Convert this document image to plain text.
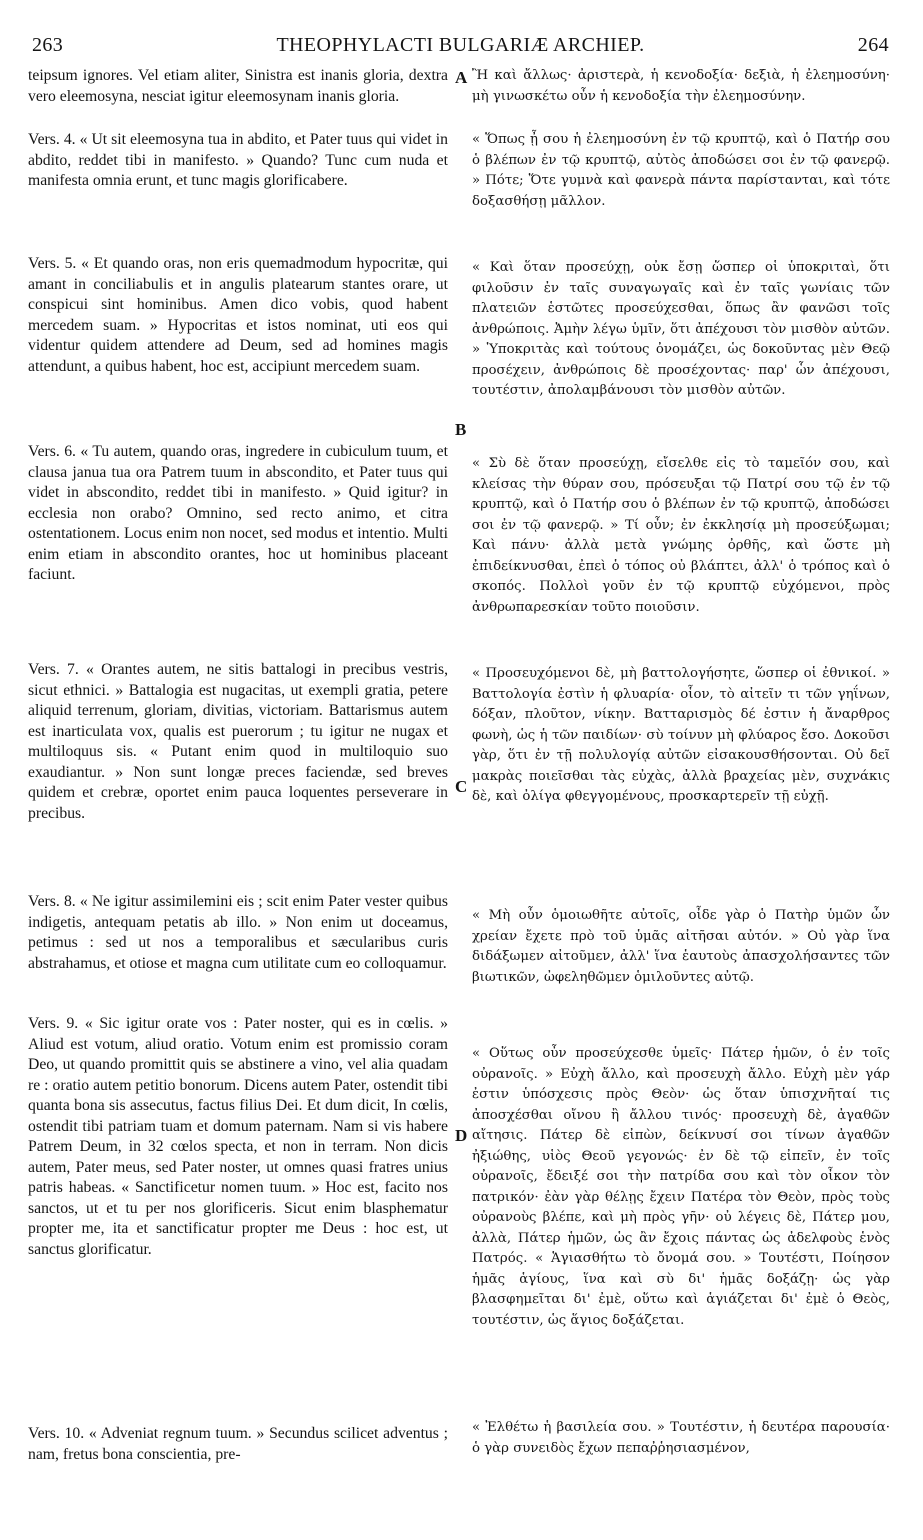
263	THEOPHYLACTI BULGARIÆ ARCHIEP.	264
teipsum ignores. Vel etiam aliter, Sinistra est inanis gloria, dextra vero eleemosyna, nesciat igitur eleemosynam inanis gloria.
Vers. 4. « Ut sit eleemosyna tua in abdito, et Pater tuus qui videt in abdito, reddet tibi in manifesto. » Quando? Tunc cum nuda et manifesta omnia erunt, et tunc magis glorificabere.
Vers. 5. « Et quando oras, non eris quemadmodum hypocritæ, qui amant in conciliabulis et in angulis platearum stantes orare, ut conspicui sint hominibus. Amen dico vobis, quod habent mercedem suam. » Hypocritas et istos nominat, uti eos qui videntur quidem attendere ad Deum, sed ad homines magis attendunt, a quibus habent, hoc est, accipiunt mercedem suam.
Vers. 6. « Tu autem, quando oras, ingredere in cubiculum tuum, et clausa janua tua ora Patrem tuum in abscondito, et Pater tuus qui videt in abscondito, reddet tibi in manifesto. » Quid igitur? in ecclesia non orabo? Omnino, sed recto animo, et citra ostentationem. Locus enim non nocet, sed modus et intentio. Multi enim etiam in abscondito orantes, hoc ut hominibus placeant faciunt.
Vers. 7. « Orantes autem, ne sitis battalogi in precibus vestris, sicut ethnici. » Battalogia est nugacitas, ut exempli gratia, petere aliquid terrenum, gloriam, divitias, victoriam. Battarismus autem est inarticulata vox, qualis est puerorum ; tu igitur ne nugax et multiloquus sis. « Putant enim quod in multiloquio suo exaudiantur. » Non sunt longæ preces faciendæ, sed breves quidem et crebræ, oportet enim pauca loquentes perseverare in precibus.
Vers. 8. « Ne igitur assimilemini eis ; scit enim Pater vester quibus indigetis, antequam petatis ab illo. » Non enim ut doceamus, petimus : sed ut nos a temporalibus et sæcularibus curis abstrahamus, et otiose et magna cum utilitate cum eo colloquamur.
Vers. 9. « Sic igitur orate vos : Pater noster, qui es in cœlis. » Aliud est votum, aliud oratio. Votum enim est promissio coram Deo, ut quando promittit quis se abstinere a vino, vel alia quadam re : oratio autem petitio bonorum. Dicens autem Pater, ostendit tibi quanta bona sis assecutus, factus filius Dei. Et dum dicit, In cœlis, ostendit tibi patriam tuam et domum paternam. Nam si vis habere Patrem Deum, in 32 cœlos specta, et non in terram. Non dicis autem, Pater meus, sed Pater noster, ut omnes quasi fratres unius patris habeas. « Sanctificetur nomen tuum. » Hoc est, facito nos sanctos, ut et tu per nos glorificeris. Sicut enim blasphematur propter me, ita et sanctificatur propter me Deus : hoc est, ut sanctus glorificatur.
Vers. 10. « Adveniat regnum tuum. » Secundus scilicet adventus ; nam, fretus bona conscientia, pre-
A
B
C
D
Ἢ καὶ ἄλλως· ἀριστερὰ, ἡ κενοδοξία· δεξιὰ, ἡ ἐλεημοσύνη· μὴ γινωσκέτω οὖν ἡ κενοδοξία τὴν ἐλεημοσύνην.
« Ὅπως ᾖ σου ἡ ἐλεημοσύνη ἐν τῷ κρυπτῷ, καὶ ὁ Πατήρ σου ὁ βλέπων ἐν τῷ κρυπτῷ, αὐτὸς ἀποδώσει σοι ἐν τῷ φανερῷ. » Πότε; Ὅτε γυμνὰ καὶ φανερὰ πάντα παρίστανται, καὶ τότε δοξασθήσῃ μᾶλλον.
« Καὶ ὅταν προσεύχῃ, οὐκ ἔσῃ ὥσπερ οἱ ὑποκριταὶ, ὅτι φιλοῦσιν ἐν ταῖς συναγωγαῖς καὶ ἐν ταῖς γωνίαις τῶν πλατειῶν ἑστῶτες προσεύχεσθαι, ὅπως ἂν φανῶσι τοῖς ἀνθρώποις. Ἀμὴν λέγω ὑμῖν, ὅτι ἀπέχουσι τὸν μισθὸν αὐτῶν. » Ὑποκριτὰς καὶ τούτους ὀνομάζει, ὡς δοκοῦντας μὲν Θεῷ προσέχειν, ἀνθρώποις δὲ προσέχοντας· παρ' ὧν ἀπέχουσι, τουτέστιν, ἀπολαμβάνουσι τὸν μισθὸν αὐτῶν.
« Σὺ δὲ ὅταν προσεύχῃ, εἴσελθε εἰς τὸ ταμεῖόν σου, καὶ κλείσας τὴν θύραν σου, πρόσευξαι τῷ Πατρί σου τῷ ἐν τῷ κρυπτῷ, καὶ ὁ Πατήρ σου ὁ βλέπων ἐν τῷ κρυπτῷ, ἀποδώσει σοι ἐν τῷ φανερῷ. » Τί οὖν; ἐν ἐκκλησίᾳ μὴ προσεύξωμαι; Καὶ πάνυ· ἀλλὰ μετὰ γνώμης ὀρθῆς, καὶ ὥστε μὴ ἐπιδείκνυσθαι, ἐπεὶ ὁ τόπος οὐ βλάπτει, ἀλλ' ὁ τρόπος καὶ ὁ σκοπός. Πολλοὶ γοῦν ἐν τῷ κρυπτῷ εὐχόμενοι, πρὸς ἀνθρωπαρεσκίαν τοῦτο ποιοῦσιν.
« Προσευχόμενοι δὲ, μὴ βαττολογήσητε, ὥσπερ οἱ ἐθνικοί. » Βαττολογία ἐστὶν ἡ φλυαρία· οἷον, τὸ αἰτεῖν τι τῶν γηΐνων, δόξαν, πλοῦτον, νίκην. Βατταρισμὸς δέ ἐστιν ἡ ἄναρθρος φωνὴ, ὡς ἡ τῶν παιδίων· σὺ τοίνυν μὴ φλύαρος ἔσο. Δοκοῦσι γὰρ, ὅτι ἐν τῇ πολυλογίᾳ αὐτῶν εἰσακουσθήσονται. Οὐ δεῖ μακρὰς ποιεῖσθαι τὰς εὐχὰς, ἀλλὰ βραχείας μὲν, συχνάκις δὲ, καὶ ὀλίγα φθεγγομένους, προσκαρτερεῖν τῇ εὐχῇ.
« Μὴ οὖν ὁμοιωθῆτε αὐτοῖς, οἶδε γὰρ ὁ Πατὴρ ὑμῶν ὧν χρείαν ἔχετε πρὸ τοῦ ὑμᾶς αἰτῆσαι αὐτόν. » Οὐ γὰρ ἵνα διδάξωμεν αἰτοῦμεν, ἀλλ' ἵνα ἑαυτοὺς ἀπασχολήσαντες τῶν βιωτικῶν, ὠφεληθῶμεν ὁμιλοῦντες αὐτῷ.
« Οὕτως οὖν προσεύχεσθε ὑμεῖς· Πάτερ ἡμῶν, ὁ ἐν τοῖς οὐρανοῖς. » Εὐχὴ ἄλλο, καὶ προσευχὴ ἄλλο. Εὐχὴ μὲν γάρ ἐστιν ὑπόσχεσις πρὸς Θεὸν· ὡς ὅταν ὑπισχνῆταί τις ἀποσχέσθαι οἴνου ἢ ἄλλου τινός· προσευχὴ δὲ, ἀγαθῶν αἴτησις. Πάτερ δὲ εἰπὼν, δείκνυσί σοι τίνων ἀγαθῶν ἠξιώθης, υἱὸς Θεοῦ γεγονώς· ἐν δὲ τῷ εἰπεῖν, ἐν τοῖς οὐρανοῖς, ἔδειξέ σοι τὴν πατρίδα σου καὶ τὸν οἶκον τὸν πατρικόν· ἐὰν γὰρ θέλῃς ἔχειν Πατέρα τὸν Θεὸν, πρὸς τοὺς οὐρανοὺς βλέπε, καὶ μὴ πρὸς γῆν· οὐ λέγεις δὲ, Πάτερ μου, ἀλλὰ, Πάτερ ἡμῶν, ὡς ἂν ἔχοις πάντας ὡς ἀδελφοὺς ἑνὸς Πατρός. « Ἁγιασθήτω τὸ ὄνομά σου. » Τουτέστι, Ποίησον ἡμᾶς ἁγίους, ἵνα καὶ σὺ δι' ἡμᾶς δοξάζῃ· ὡς γὰρ βλασφημεῖται δι' ἐμὲ, οὕτω καὶ ἁγιάζεται δι' ἐμὲ ὁ Θεὸς, τουτέστιν, ὡς ἅγιος δοξάζεται.
« Ἐλθέτω ἡ βασιλεία σου. » Τουτέστιν, ἡ δευτέρα παρουσία· ὁ γὰρ συνειδὸς ἔχων πεπαῤῥησιασμένον,
